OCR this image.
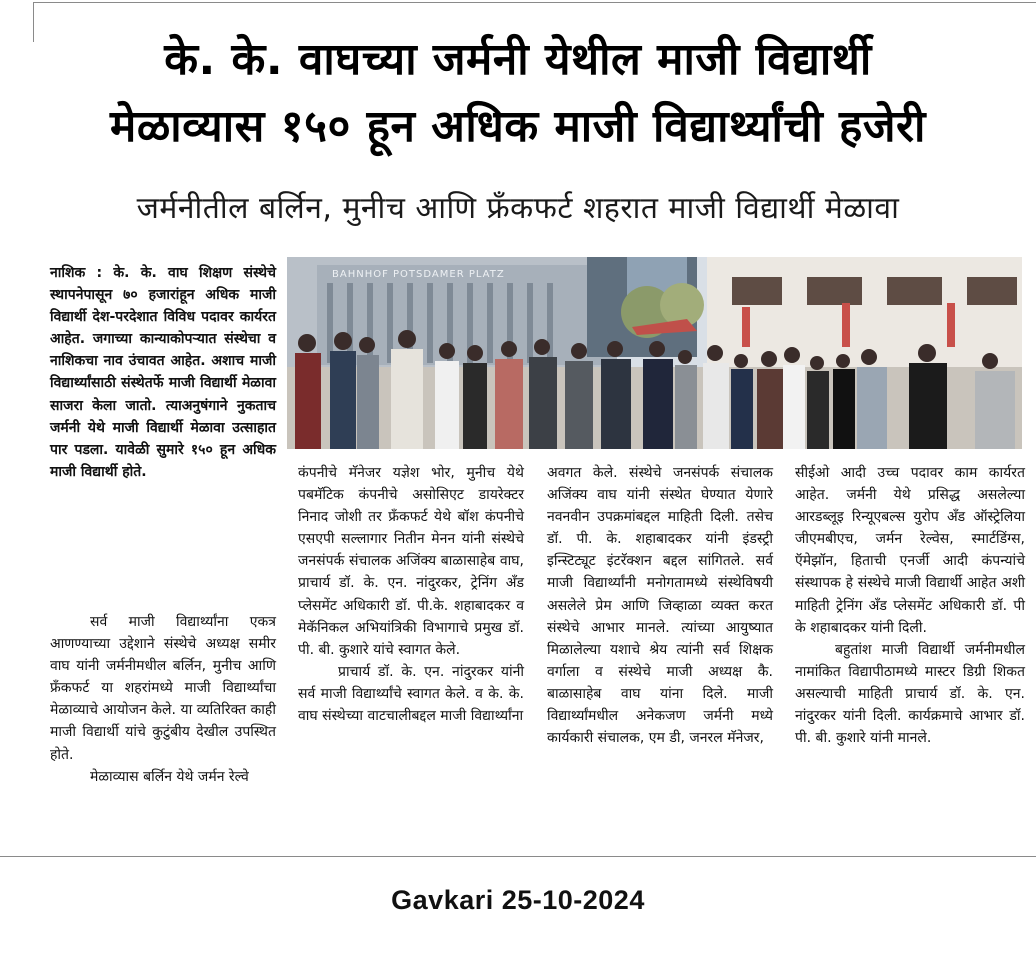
के. के. वाघच्या जर्मनी येथील माजी विद्यार्थी
मेळाव्यास १५० हून अधिक माजी विद्यार्थ्यांची हजेरी
जर्मनीतील बर्लिन, मुनीच आणि फ्रँकफर्ट शहरात माजी विद्यार्थी मेळावा

नाशिक : के. के. वाघ शिक्षण संस्थेचे स्थापनेपासून ७० हजारांहून अधिक माजी विद्यार्थी देश-परदेशात विविध पदावर कार्यरत आहेत. जगाच्या कान्याकोपऱ्यात संस्थेचा व नाशिकचा नाव उंचावत आहेत. अशाच माजी विद्यार्थ्यांसाठी संस्थेतर्फे माजी विद्यार्थी मेळावा साजरा केला जातो. त्याअनुषंगाने नुकताच जर्मनी येथे माजी विद्यार्थी मेळावा उत्साहात पार पडला. यावेळी सुमारे १५० हून अधिक माजी विद्यार्थी होते.

सर्व माजी विद्यार्थ्यांना एकत्र आणण्याच्या उद्देशाने संस्थेचे अध्यक्ष समीर वाघ यांनी जर्मनीमधील बर्लिन, मुनीच आणि फ्रँकफर्ट या शहरांमध्ये माजी विद्यार्थ्यांचा मेळाव्याचे आयोजन केले. या व्यतिरिक्त काही माजी विद्यार्थी यांचे कुटुंबीय देखील उपस्थित होते.

मेळाव्यास बर्लिन येथे जर्मन रेल्वे

BAHNHOF POTSDAMER PLATZ

कंपनीचे मॅनेजर यज्ञेश भोर, मुनीच येथे पबमॅटिक कंपनीचे असोसिएट डायरेक्टर निनाद जोशी तर फ्रँकफर्ट येथे बॉश कंपनीचे एसएपी सल्लागार नितीन मेनन यांनी संस्थेचे जनसंपर्क संचालक अजिंक्य बाळासाहेब वाघ, प्राचार्य डॉ. के. एन. नांदुरकर, ट्रेनिंग अँड प्लेसमेंट अधिकारी डॉ. पी.के. शहाबादकर व मेकॅनिकल अभियांत्रिकी विभागाचे प्रमुख डॉ. पी. बी. कुशारे यांचे स्वागत केले.

प्राचार्य डॉ. के. एन. नांदुरकर यांनी सर्व माजी विद्यार्थ्यांचे स्वागत केले. व के. के. वाघ संस्थेच्या वाटचालीबद्दल माजी विद्यार्थ्यांना

अवगत केले. संस्थेचे जनसंपर्क संचालक अजिंक्य वाघ यांनी संस्थेत घेण्यात येणारे नवनवीन उपक्रमांबद्दल माहिती दिली. तसेच डॉ. पी. के. शहाबादकर यांनी इंडस्ट्री इन्स्टिट्यूट इंटरॅक्शन बद्दल सांगितले. सर्व माजी विद्यार्थ्यांनी मनोगतामध्ये संस्थेविषयी असलेले प्रेम आणि जिव्हाळा व्यक्त करत संस्थेचे आभार मानले. त्यांच्या आयुष्यात मिळालेल्या यशाचे श्रेय त्यांनी सर्व शिक्षक वर्गाला व संस्थेचे माजी अध्यक्ष कै. बाळासाहेब वाघ यांना दिले. माजी विद्यार्थ्यांमधील अनेकजण जर्मनी मध्ये कार्यकारी संचालक, एम डी, जनरल मॅनेजर,

सीईओ आदी उच्च पदावर काम कार्यरत आहेत. जर्मनी येथे प्रसिद्ध असलेल्या आरडब्लूइ रिन्यूएबल्स युरोप अँड ऑस्ट्रेलिया जीएमबीएच, जर्मन रेल्वेस, स्मार्टडिंग्स, ऍमेझॉन, हिताची एनर्जी आदी कंपन्यांचे संस्थापक हे संस्थेचे माजी विद्यार्थी आहेत अशी माहिती ट्रेनिंग अँड प्लेसमेंट अधिकारी डॉ. पी के शहाबादकर यांनी दिली.

बहुतांश माजी विद्यार्थी जर्मनीमधील नामांकित विद्यापीठामध्ये मास्टर डिग्री शिकत असल्याची माहिती प्राचार्य डॉ. के. एन. नांदुरकर यांनी दिली. कार्यक्रमाचे आभार डॉ. पी. बी. कुशारे यांनी मानले.

Gavkari 25-10-2024
